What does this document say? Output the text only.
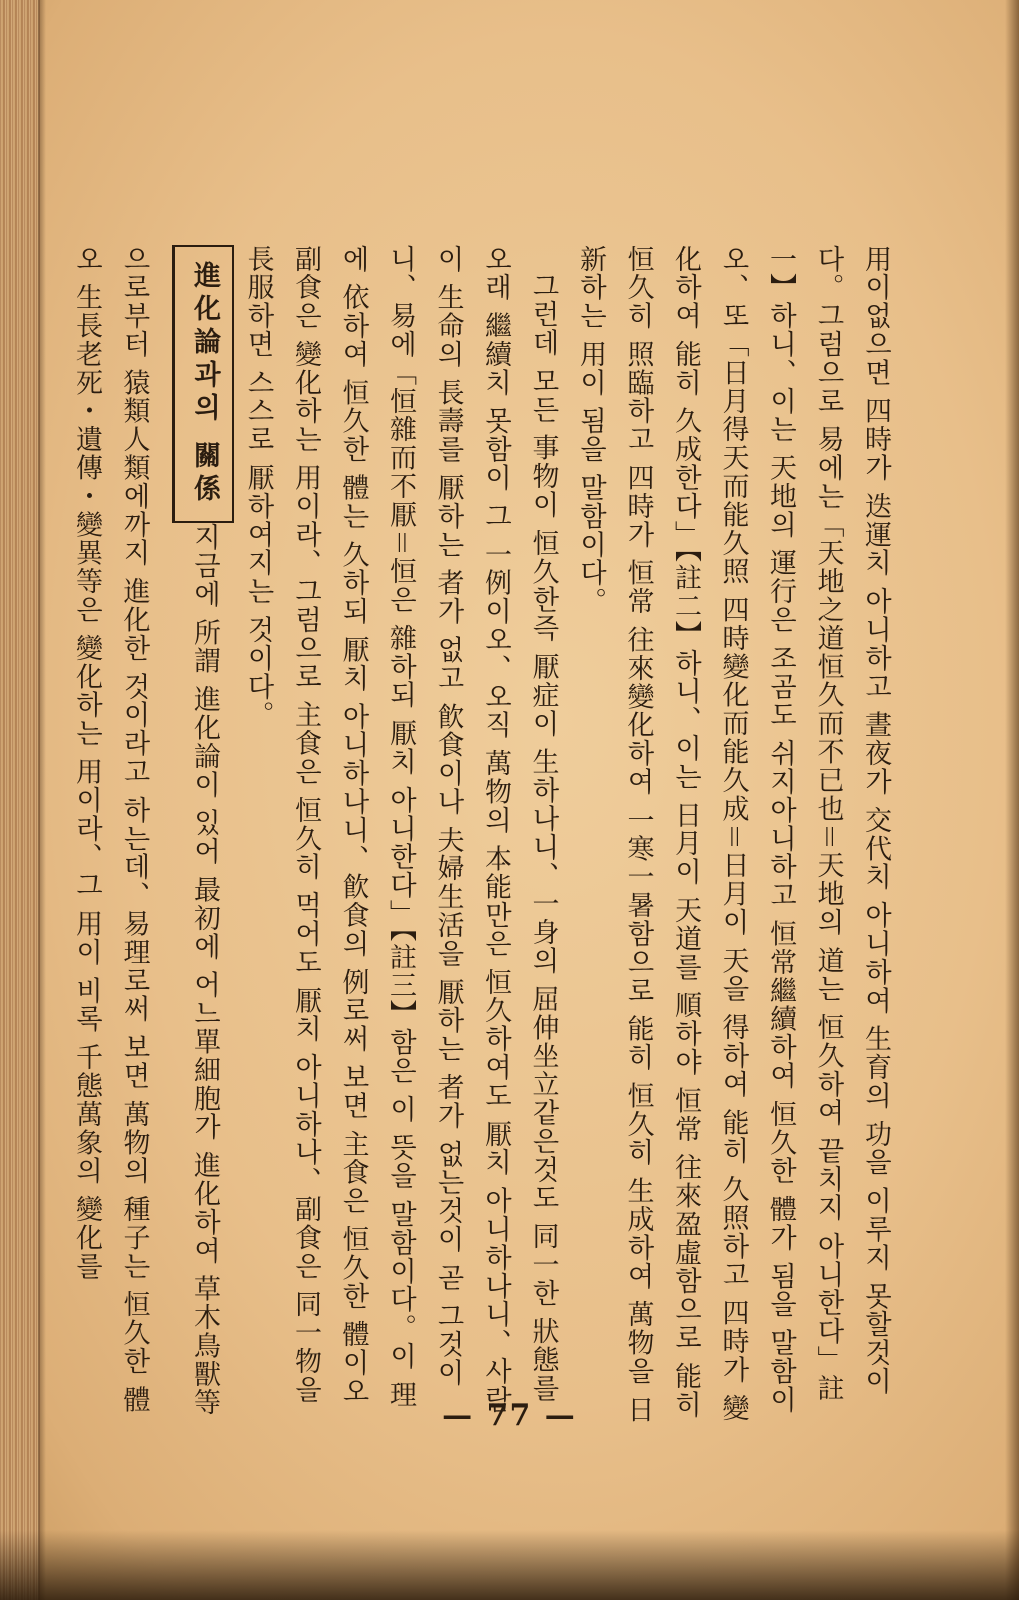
用이없으면 四時가 迭運치 아니하고 晝夜가 交代치 아니하여 生育의 功을 이루지 못할것이다。그럼으로 易에는「天地之道恒久而不已也＝天地의 道는 恒久하여 끝치지 아니한다」註一】하니、이는 天地의 運行은 조곰도 쉬지아니하고 恒常繼續하여 恒久한 體가 됨을 말함이오、또「日月得天而能久照 四時變化而能久成＝日月이 天을 得하여 能히 久照하고 四時가 變化하여 能히 久成한다」【註二】하니、이는 日月이 天道를 順하야 恒常 往來盈虛함으로 能히 恒久히 照臨하고 四時가 恒常 往來變化하여 一寒一暑함으로 能히 恒久히 生成하여 萬物을 日新하는 用이 됨을 말함이다。

그런데 모든 事物이 恒久한즉 厭症이 生하나니、一身의 屈伸坐立같은것도 同一한 狀態를 오래 繼續치 못함이 그 一例이오、오직 萬物의 本能만은 恒久하여도 厭치 아니하나니、사람이 生命의 長壽를 厭하는 者가 없고 飮食이나 夫婦生活을 厭하는 者가 없는것이 곧 그것이니、易에「恒雜而不厭＝恒은 雜하되 厭치 아니한다」【註三】함은 이 뜻을 말함이다。이 理에 依하여 恒久한 體는 久하되 厭치 아니하나니、飮食의 例로써 보면 主食은 恒久한 體이오 副食은 變化하는 用이라、그럼으로 主食은 恒久히 먹어도 厭치 아니하나、副食은 同一物을 長服하면 스스로 厭하여지는 것이다。

進化論과의 關係지금에 所謂 進化論이 있어 最初에 어느單細胞가 進化하여 草木鳥獸等으로부터 猿類人類에까지 進化한 것이라고 하는데、易理로써 보면 萬物의 種子는 恒久한 體오 生長老死・遺傳・變異等은 變化하는 用이라、그 用이 비록 千態萬象의 變化를

— 77 —
